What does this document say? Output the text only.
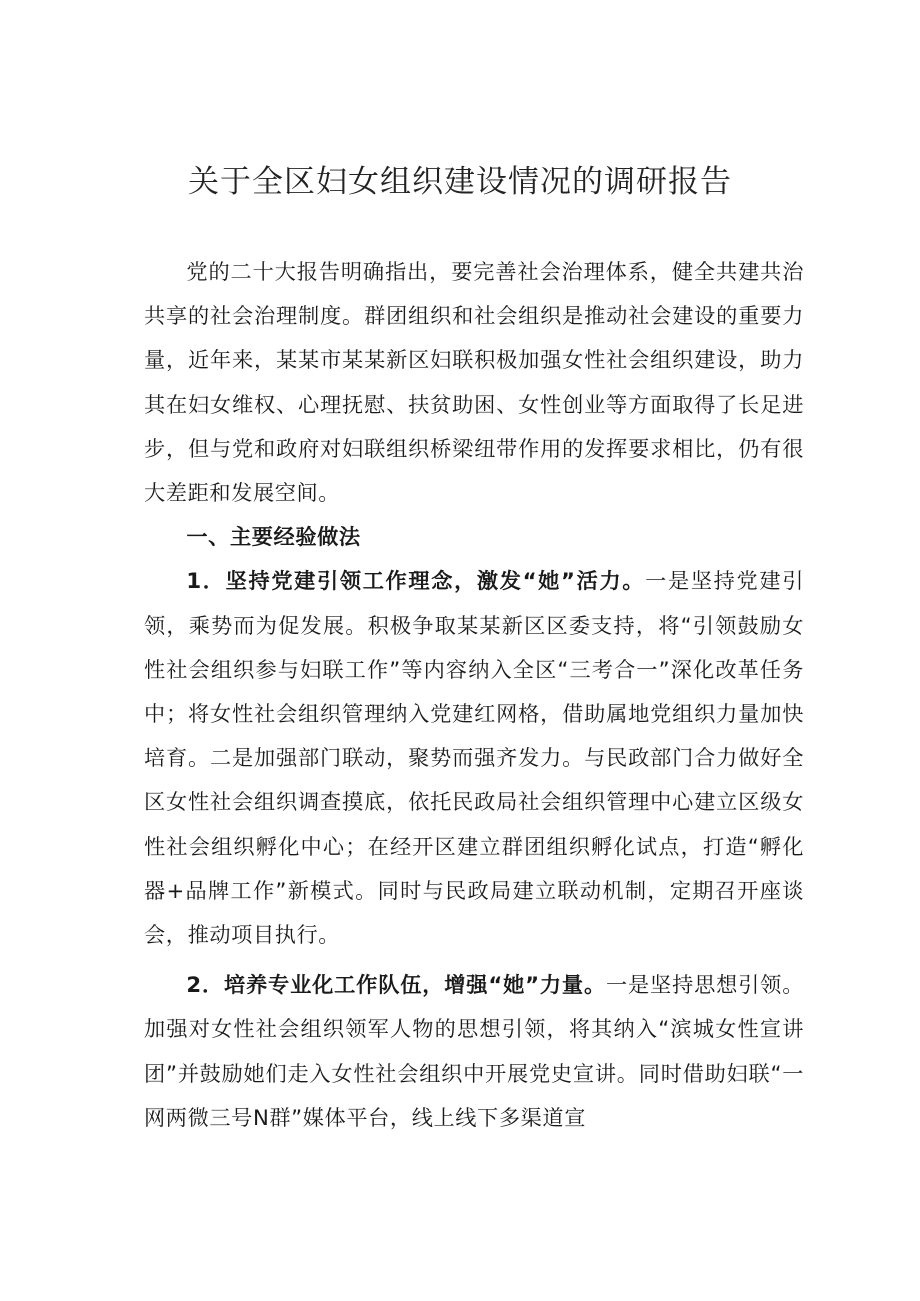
关于全区妇女组织建设情况的调研报告

党的二十大报告明确指出，要完善社会治理体系，健全共建共治共享的社会治理制度。群团组织和社会组织是推动社会建设的重要力量，近年来，某某市某某新区妇联积极加强女性社会组织建设，助力其在妇女维权、心理抚慰、扶贫助困、女性创业等方面取得了长足进步，但与党和政府对妇联组织桥梁纽带作用的发挥要求相比，仍有很大差距和发展空间。

一、主要经验做法

1．坚持党建引领工作理念，激发“她”活力。一是坚持党建引领，乘势而为促发展。积极争取某某新区区委支持，将“引领鼓励女性社会组织参与妇联工作”等内容纳入全区“三考合一”深化改革任务中；将女性社会组织管理纳入党建红网格，借助属地党组织力量加快培育。二是加强部门联动，聚势而强齐发力。与民政部门合力做好全区女性社会组织调查摸底，依托民政局社会组织管理中心建立区级女性社会组织孵化中心；在经开区建立群团组织孵化试点，打造“孵化器+品牌工作”新模式。同时与民政局建立联动机制，定期召开座谈会，推动项目执行。

2．培养专业化工作队伍，增强“她”力量。一是坚持思想引领。加强对女性社会组织领军人物的思想引领，将其纳入“滨城女性宣讲团”并鼓励她们走入女性社会组织中开展党史宣讲。同时借助妇联“一网两微三号N群”媒体平台，线上线下多渠道宣
